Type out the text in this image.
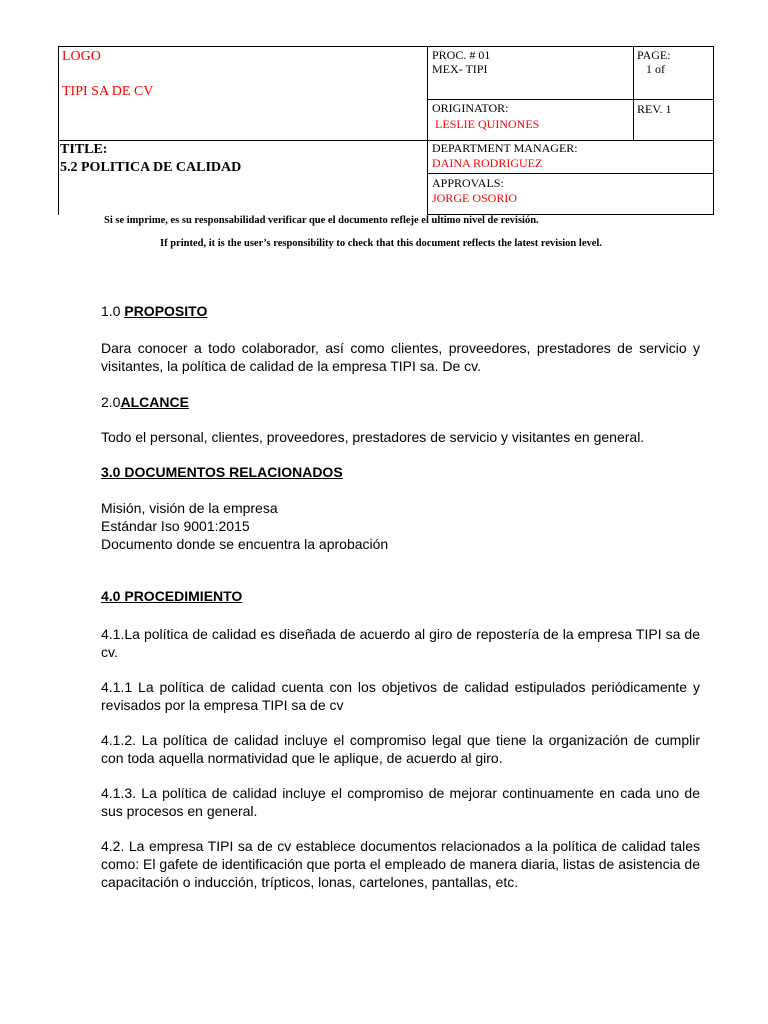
LOGO
TIPI SA DE CV
PROC. # 01
MEX- TIPI
PAGE:
1 of
ORIGINATOR:
LESLIE QUINONES
REV. 1
TITLE:
5.2 POLITICA DE CALIDAD
DEPARTMENT MANAGER:
DAINA RODRIGUEZ
APPROVALS:
JORGE OSORIO
Si se imprime, es su responsabilidad verificar que el documento refleje el ultimo nivel de revisión.
If printed, it is the user’s responsibility to check that this document reflects the latest revision level.
1.0 PROPOSITO
Dara conocer a todo colaborador, así como clientes, proveedores, prestadores de servicio y visitantes, la política de calidad de la empresa TIPI sa. De cv.
2.0ALCANCE
Todo el personal, clientes, proveedores, prestadores de servicio y visitantes en general.
3.0 DOCUMENTOS RELACIONADOS
Misión, visión de la empresa
Estándar Iso 9001:2015
Documento donde se encuentra la aprobación
4.0 PROCEDIMIENTO
4.1.La política de calidad es diseñada de acuerdo al giro de repostería de la empresa TIPI sa de cv.
4.1.1 La política de calidad cuenta con los objetivos de calidad estipulados periódicamente y revisados por la empresa TIPI sa de cv
4.1.2. La política de calidad incluye el compromiso legal que tiene la organización de cumplir con toda aquella normatividad que le aplique, de acuerdo al giro.
4.1.3. La política de calidad incluye el compromiso de mejorar continuamente en cada uno de sus procesos en general.
4.2. La empresa TIPI sa de cv establece documentos relacionados a la política de calidad tales como: El gafete de identificación que porta el empleado de manera diaria, listas de asistencia de capacitación o inducción, trípticos, lonas, cartelones, pantallas, etc.
